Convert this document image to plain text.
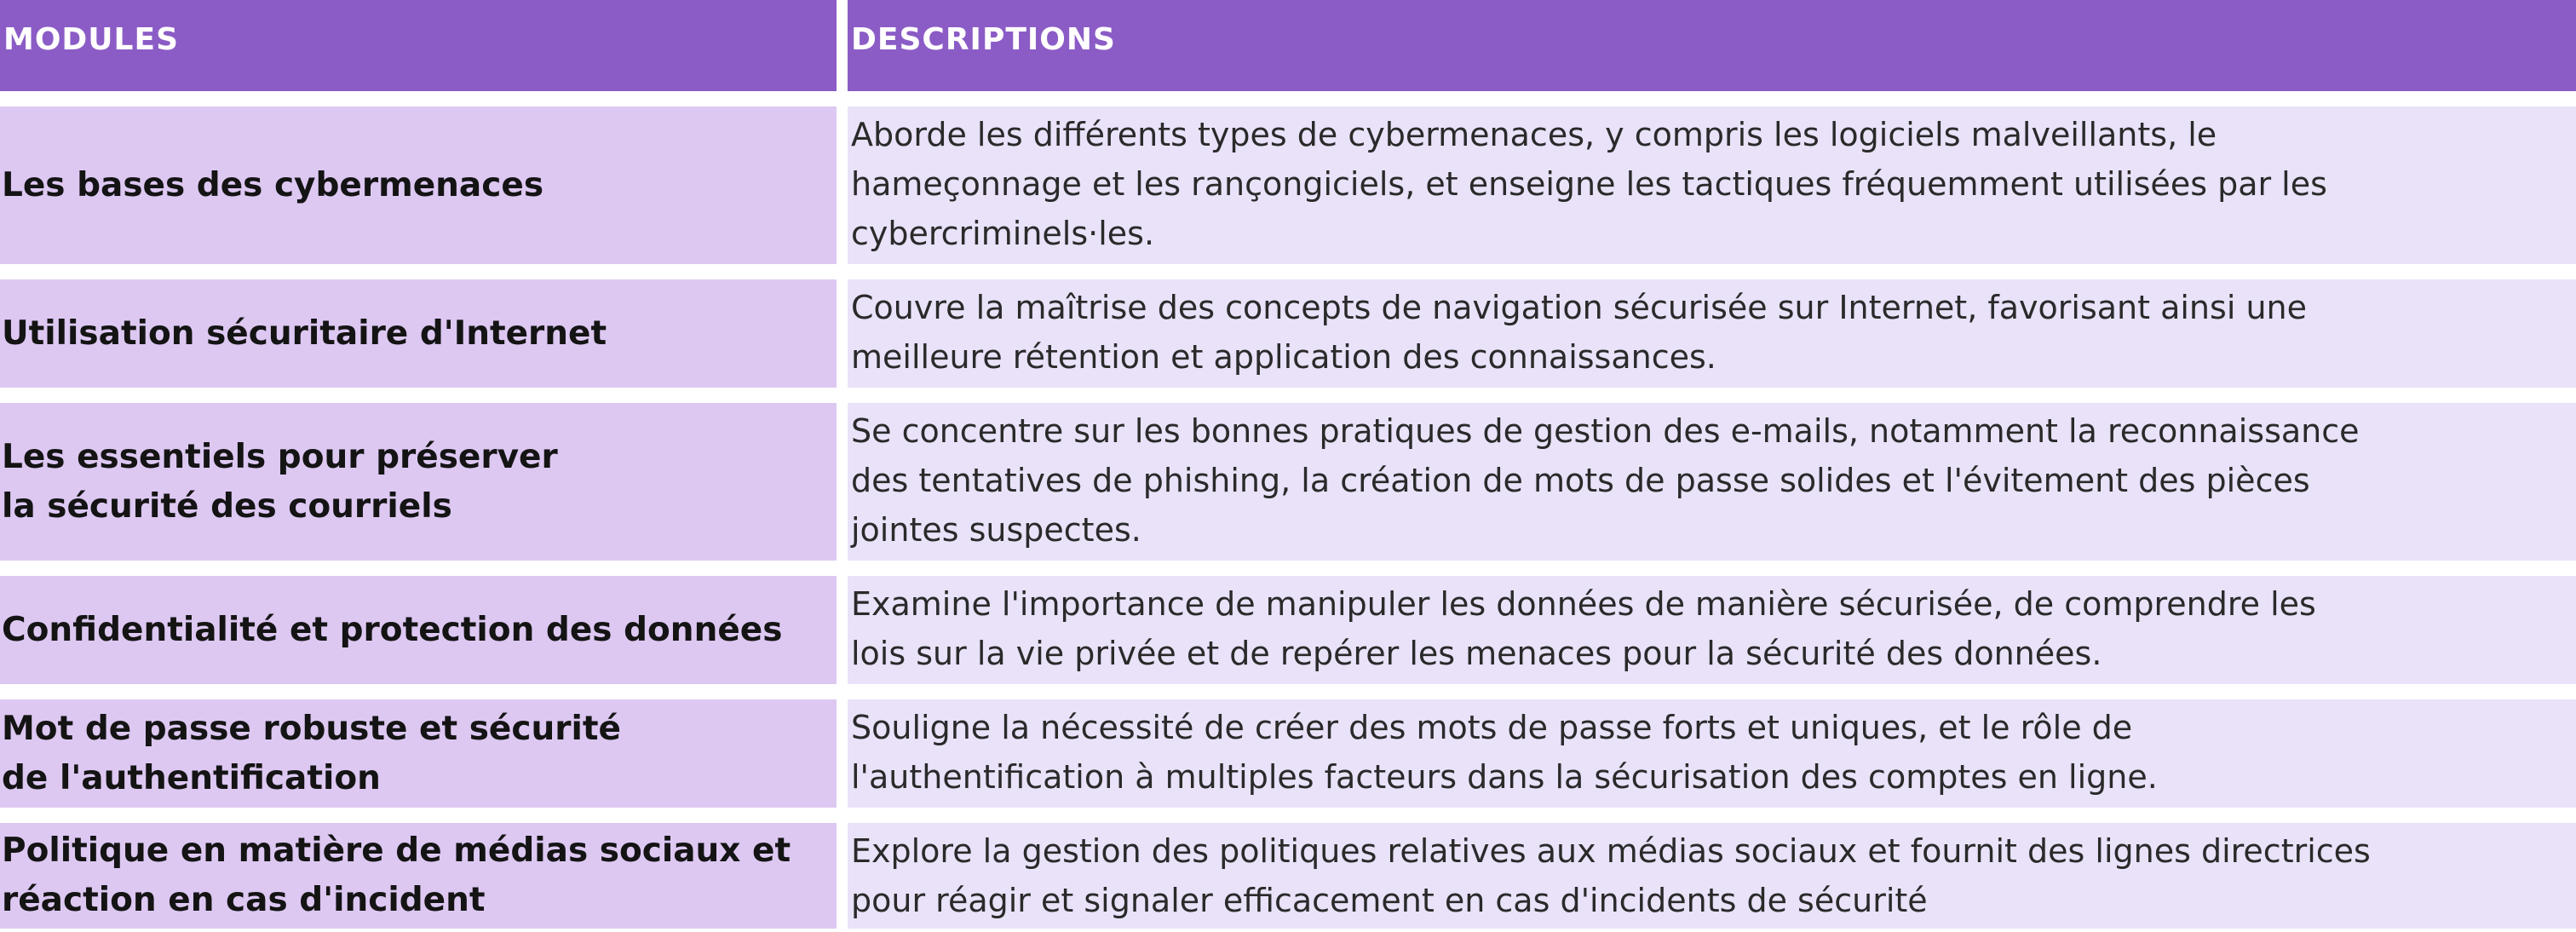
MODULES	DESCRIPTIONS
Les bases des cybermenaces
Aborde les différents types de cybermenaces, y compris les logiciels malveillants, le
hameçonnage et les rançongiciels, et enseigne les tactiques fréquemment utilisées par les
cybercriminels·les.
Utilisation sécuritaire d'Internet
Couvre la maîtrise des concepts de navigation sécurisée sur Internet, favorisant ainsi une
meilleure rétention et application des connaissances.
Les essentiels pour préserver
la sécurité des courriels
Se concentre sur les bonnes pratiques de gestion des e-mails, notamment la reconnaissance
des tentatives de phishing, la création de mots de passe solides et l'évitement des pièces
jointes suspectes.
Confidentialité et protection des données
Examine l'importance de manipuler les données de manière sécurisée, de comprendre les
lois sur la vie privée et de repérer les menaces pour la sécurité des données.
Mot de passe robuste et sécurité
de l'authentification
Souligne la nécessité de créer des mots de passe forts et uniques, et le rôle de
l'authentification à multiples facteurs dans la sécurisation des comptes en ligne.
Politique en matière de médias sociaux et
réaction en cas d'incident
Explore la gestion des politiques relatives aux médias sociaux et fournit des lignes directrices
pour réagir et signaler efficacement en cas d'incidents de sécurité
